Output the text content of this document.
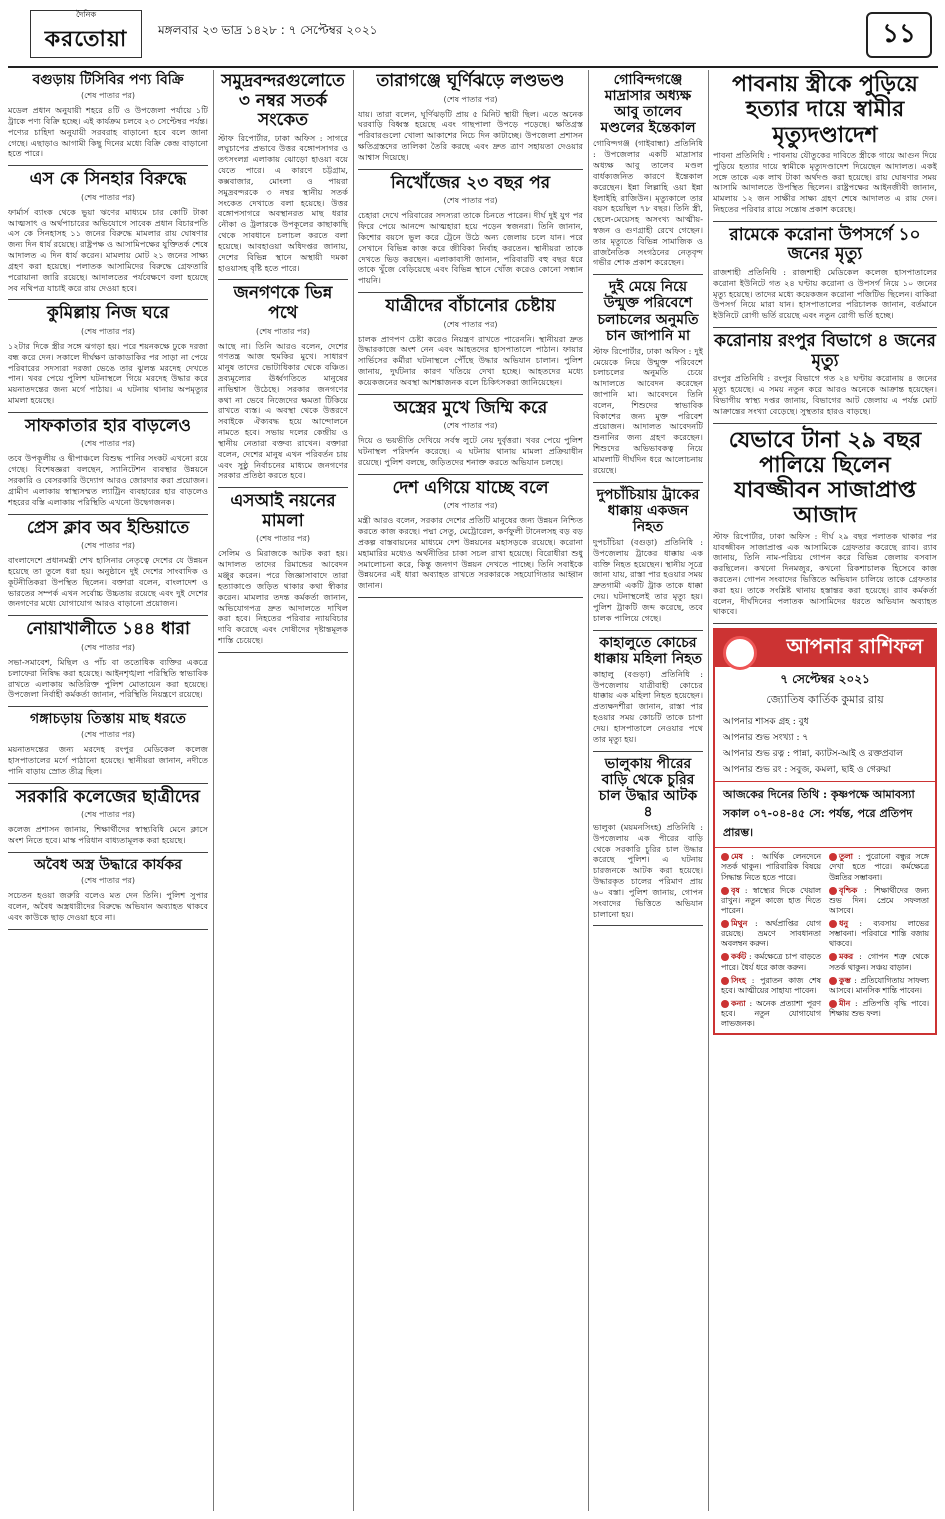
দৈনিক
করতোয়া	মঙ্গলবার ২৩ ভাদ্র ১৪২৮ : ৭ সেপ্টেম্বর ২০২১	১১
বগুড়ায় টিসিবির পণ্য বিক্রি
(শেষ পাতার পর)
মডেল প্রধান অনুযায়ী শহরে ৪টি ও উপজেলা পর্যায়ে ১টি ট্রাকে পণ্য বিক্রি হচ্ছে। এই কার্যক্রম চলবে ২৩ সেপ্টেম্বর পর্যন্ত। পণ্যের চাহিদা অনুযায়ী সরবরাহ বাড়ানো হবে বলে জানা গেছে। এছাড়াও আগামী কিছু দিনের মধ্যে বিক্রি কেন্দ্র বাড়ানো হতে পারে।
এস কে সিনহার বিরুদ্ধে
(শেষ পাতার পর)
ফার্মার্স ব্যাংক থেকে ভুয়া ঋণের মাধ্যমে চার কোটি টাকা আত্মসাৎ ও অর্থপাচারের অভিযোগে সাবেক প্রধান বিচারপতি এস কে সিনহাসহ ১১ জনের বিরুদ্ধে মামলার রায় ঘোষণার জন্য দিন ধার্য রয়েছে। রাষ্ট্রপক্ষ ও আসামিপক্ষের যুক্তিতর্ক শেষে আদালত এ দিন ধার্য করেন। মামলায় মোট ২১ জনের সাক্ষ্য গ্রহণ করা হয়েছে। পলাতক আসামিদের বিরুদ্ধে গ্রেফতারি পরোয়ানা জারি রয়েছে। আদালতের পর্যবেক্ষণে বলা হয়েছে সব নথিপত্র যাচাই করে রায় দেওয়া হবে।
কুমিল্লায় নিজ ঘরে
(শেষ পাতার পর)
১২টার দিকে স্ত্রীর সঙ্গে ঝগড়া হয়। পরে শয়নকক্ষে ঢুকে দরজা বন্ধ করে দেন। সকালে দীর্ঘক্ষণ ডাকাডাকির পর সাড়া না পেয়ে পরিবারের সদস্যরা দরজা ভেঙে তার ঝুলন্ত মরদেহ দেখতে পান। খবর পেয়ে পুলিশ ঘটনাস্থলে গিয়ে মরদেহ উদ্ধার করে ময়নাতদন্তের জন্য মর্গে পাঠায়। এ ঘটনায় থানায় অপমৃত্যুর মামলা হয়েছে।
সাফকাতার হার বাড়লেও
(শেষ পাতার পর)
তবে উপকূলীয় ও দ্বীপাঞ্চলে বিশুদ্ধ পানির সংকট এখনো রয়ে গেছে। বিশেষজ্ঞরা বলছেন, স্যানিটেশন ব্যবস্থার উন্নয়নে সরকারি ও বেসরকারি উদ্যোগ আরও জোরদার করা প্রয়োজন। গ্রামীণ এলাকায় স্বাস্থ্যসম্মত ল্যাট্রিন ব্যবহারের হার বাড়লেও শহরের বস্তি এলাকায় পরিস্থিতি এখনো উদ্বেগজনক।
প্রেস ক্লাব অব ইন্ডিয়াতে
(শেষ পাতার পর)
বাংলাদেশে প্রধানমন্ত্রী শেখ হাসিনার নেতৃত্বে দেশের যে উন্নয়ন হয়েছে তা তুলে ধরা হয়। অনুষ্ঠানে দুই দেশের সাংবাদিক ও কূটনীতিকরা উপস্থিত ছিলেন। বক্তারা বলেন, বাংলাদেশ ও ভারতের সম্পর্ক এখন সর্বোচ্চ উচ্চতায় রয়েছে এবং দুই দেশের জনগণের মধ্যে যোগাযোগ আরও বাড়ানো প্রয়োজন।
নোয়াখালীতে ১৪৪ ধারা
(শেষ পাতার পর)
সভা-সমাবেশ, মিছিল ও পাঁচ বা ততোধিক ব্যক্তির একত্রে চলাফেরা নিষিদ্ধ করা হয়েছে। আইনশৃঙ্খলা পরিস্থিতি স্বাভাবিক রাখতে এলাকায় অতিরিক্ত পুলিশ মোতায়েন করা হয়েছে। উপজেলা নির্বাহী কর্মকর্তা জানান, পরিস্থিতি নিয়ন্ত্রণে রয়েছে।
গঙ্গাচড়ায় তিস্তায় মাছ ধরতে
(শেষ পাতার পর)
ময়নাতদন্তের জন্য মরদেহ রংপুর মেডিকেল কলেজ হাসপাতালের মর্গে পাঠানো হয়েছে। স্থানীয়রা জানান, নদীতে পানি বাড়ায় স্রোত তীব্র ছিল।
সরকারি কলেজের ছাত্রীদের
(শেষ পাতার পর)
কলেজ প্রশাসন জানায়, শিক্ষার্থীদের স্বাস্থ্যবিধি মেনে ক্লাসে অংশ নিতে হবে। মাস্ক পরিধান বাধ্যতামূলক করা হয়েছে।
অবৈধ অস্ত্র উদ্ধারে কার্যকর
(শেষ পাতার পর)
সচেতন হওয়া জরুরি বলেও মত দেন তিনি। পুলিশ সুপার বলেন, অবৈধ অস্ত্রধারীদের বিরুদ্ধে অভিযান অব্যাহত থাকবে এবং কাউকে ছাড় দেওয়া হবে না।
সমুদ্রবন্দরগুলোতে ৩ নম্বর সতর্ক সংকেত
স্টাফ রিপোর্টার, ঢাকা অফিস : সাগরে লঘুচাপের প্রভাবে উত্তর বঙ্গোপসাগর ও তৎসংলগ্ন এলাকায় ঝোড়ো হাওয়া বয়ে যেতে পারে। এ কারণে চট্টগ্রাম, কক্সবাজার, মোংলা ও পায়রা সমুদ্রবন্দরকে ৩ নম্বর স্থানীয় সতর্ক সংকেত দেখাতে বলা হয়েছে। উত্তর বঙ্গোপসাগরে অবস্থানরত মাছ ধরার নৌকা ও ট্রলারকে উপকূলের কাছাকাছি থেকে সাবধানে চলাচল করতে বলা হয়েছে। আবহাওয়া অধিদপ্তর জানায়, দেশের বিভিন্ন স্থানে অস্থায়ী দমকা হাওয়াসহ বৃষ্টি হতে পারে।
জনগণকে ভিন্ন পথে
(শেষ পাতার পর)
আছে না। তিনি আরও বলেন, দেশের গণতন্ত্র আজ হুমকির মুখে। সাধারণ মানুষ তাদের ভোটাধিকার থেকে বঞ্চিত। দ্রব্যমূল্যের ঊর্ধ্বগতিতে মানুষের নাভিশ্বাস উঠেছে। সরকার জনগণের কথা না ভেবে নিজেদের ক্ষমতা টিকিয়ে রাখতে ব্যস্ত। এ অবস্থা থেকে উত্তরণে সবাইকে ঐক্যবদ্ধ হয়ে আন্দোলনে নামতে হবে। সভায় দলের কেন্দ্রীয় ও স্থানীয় নেতারা বক্তব্য রাখেন। বক্তারা বলেন, দেশের মানুষ এখন পরিবর্তন চায় এবং সুষ্ঠু নির্বাচনের মাধ্যমে জনগণের সরকার প্রতিষ্ঠা করতে হবে।
এসআই নয়নের মামলা
(শেষ পাতার পর)
সেলিম ও মিরাজকে আটক করা হয়। আদালত তাদের রিমান্ডের আবেদন মঞ্জুর করেন। পরে জিজ্ঞাসাবাদে তারা হত্যাকাণ্ডে জড়িত থাকার কথা স্বীকার করেন। মামলার তদন্ত কর্মকর্তা জানান, অভিযোগপত্র দ্রুত আদালতে দাখিল করা হবে। নিহতের পরিবার ন্যায়বিচার দাবি করেছে এবং দোষীদের দৃষ্টান্তমূলক শাস্তি চেয়েছে।
তারাগঞ্জে ঘূর্ণিঝড়ে লণ্ডভণ্ড
(শেষ পাতার পর)
যায়। তারা বলেন, ঘূর্ণিঝড়টি প্রায় ৫ মিনিট স্থায়ী ছিল। এতে অনেক ঘরবাড়ি বিধ্বস্ত হয়েছে এবং গাছপালা উপড়ে পড়েছে। ক্ষতিগ্রস্ত পরিবারগুলো খোলা আকাশের নিচে দিন কাটাচ্ছে। উপজেলা প্রশাসন ক্ষতিগ্রস্তদের তালিকা তৈরি করছে এবং দ্রুত ত্রাণ সহায়তা দেওয়ার আশ্বাস দিয়েছে।
নিখোঁজের ২৩ বছর পর
(শেষ পাতার পর)
চেহারা দেখে পরিবারের সদস্যরা তাকে চিনতে পারেন। দীর্ঘ দুই যুগ পর ফিরে পেয়ে আনন্দে আত্মহারা হয়ে পড়েন স্বজনরা। তিনি জানান, কিশোর বয়সে ভুল করে ট্রেনে উঠে অন্য জেলায় চলে যান। পরে সেখানে বিভিন্ন কাজ করে জীবিকা নির্বাহ করতেন। স্থানীয়রা তাকে দেখতে ভিড় করছেন। এলাকাবাসী জানান, পরিবারটি বহু বছর ধরে তাকে খুঁজে বেড়িয়েছে এবং বিভিন্ন স্থানে খোঁজ করেও কোনো সন্ধান পায়নি।
যাত্রীদের বাঁচানোর চেষ্টায়
(শেষ পাতার পর)
চালক প্রাণপণ চেষ্টা করেও নিয়ন্ত্রণ রাখতে পারেননি। স্থানীয়রা দ্রুত উদ্ধারকাজে অংশ নেন এবং আহতদের হাসপাতালে পাঠান। ফায়ার সার্ভিসের কর্মীরা ঘটনাস্থলে পৌঁছে উদ্ধার অভিযান চালান। পুলিশ জানায়, দুর্ঘটনার কারণ খতিয়ে দেখা হচ্ছে। আহতদের মধ্যে কয়েকজনের অবস্থা আশঙ্কাজনক বলে চিকিৎসকরা জানিয়েছেন।
অস্ত্রের মুখে জিম্মি করে
(শেষ পাতার পর)
দিয়ে ও ভয়ভীতি দেখিয়ে সর্বস্ব লুটে নেয় দুর্বৃত্তরা। খবর পেয়ে পুলিশ ঘটনাস্থল পরিদর্শন করেছে। এ ঘটনায় থানায় মামলা প্রক্রিয়াধীন রয়েছে। পুলিশ বলছে, জড়িতদের শনাক্ত করতে অভিযান চলছে।
দেশ এগিয়ে যাচ্ছে বলে
(শেষ পাতার পর)
মন্ত্রী আরও বলেন, সরকার দেশের প্রতিটি মানুষের জন্য উন্নয়ন নিশ্চিত করতে কাজ করছে। পদ্মা সেতু, মেট্রোরেল, কর্ণফুলী টানেলসহ বড় বড় প্রকল্প বাস্তবায়নের মাধ্যমে দেশ উন্নয়নের মহাসড়কে রয়েছে। করোনা মহামারির মধ্যেও অর্থনীতির চাকা সচল রাখা হয়েছে। বিরোধীরা শুধু সমালোচনা করে, কিন্তু জনগণ উন্নয়ন দেখতে পাচ্ছে। তিনি সবাইকে উন্নয়নের এই ধারা অব্যাহত রাখতে সরকারকে সহযোগিতার আহ্বান জানান।
গোবিন্দগঞ্জে মাদ্রাসার অধ্যক্ষ আবু তালেব মণ্ডলের ইন্তেকাল
গোবিন্দগঞ্জ (গাইবান্ধা) প্রতিনিধি : উপজেলার একটি মাদ্রাসার অধ্যক্ষ আবু তালেব মণ্ডল বার্ধক্যজনিত কারণে ইন্তেকাল করেছেন। ইন্না লিল্লাহি ওয়া ইন্না ইলাইহি রাজিউন। মৃত্যুকালে তার বয়স হয়েছিল ৭৮ বছর। তিনি স্ত্রী, ছেলে-মেয়েসহ অসংখ্য আত্মীয়-স্বজন ও গুণগ্রাহী রেখে গেছেন। তার মৃত্যুতে বিভিন্ন সামাজিক ও রাজনৈতিক সংগঠনের নেতৃবৃন্দ গভীর শোক প্রকাশ করেছেন।
দুই মেয়ে নিয়ে উন্মুক্ত পরিবেশে চলাচলের অনুমতি চান জাপানি মা
স্টাফ রিপোর্টার, ঢাকা অফিস : দুই মেয়েকে নিয়ে উন্মুক্ত পরিবেশে চলাচলের অনুমতি চেয়ে আদালতে আবেদন করেছেন জাপানি মা। আবেদনে তিনি বলেন, শিশুদের স্বাভাবিক বিকাশের জন্য মুক্ত পরিবেশ প্রয়োজন। আদালত আবেদনটি শুনানির জন্য গ্রহণ করেছেন। শিশুদের অভিভাবকত্ব নিয়ে মামলাটি দীর্ঘদিন ধরে আলোচনায় রয়েছে।
দুপচাঁচিয়ায় ট্রাকের ধাক্কায় একজন নিহত
দুপচাঁচিয়া (বগুড়া) প্রতিনিধি : উপজেলায় ট্রাকের ধাক্কায় এক ব্যক্তি নিহত হয়েছেন। স্থানীয় সূত্রে জানা যায়, রাস্তা পার হওয়ার সময় দ্রুতগামী একটি ট্রাক তাকে ধাক্কা দেয়। ঘটনাস্থলেই তার মৃত্যু হয়। পুলিশ ট্রাকটি জব্দ করেছে, তবে চালক পালিয়ে গেছে।
কাহালুতে কোচের ধাক্কায় মহিলা নিহত
কাহালু (বগুড়া) প্রতিনিধি : উপজেলায় যাত্রীবাহী কোচের ধাক্কায় এক মহিলা নিহত হয়েছেন। প্রত্যক্ষদর্শীরা জানান, রাস্তা পার হওয়ার সময় কোচটি তাকে চাপা দেয়। হাসপাতালে নেওয়ার পথে তার মৃত্যু হয়।
ভালুকায় পীরের বাড়ি থেকে চুরির চাল উদ্ধার আটক ৪
ভালুকা (ময়মনসিংহ) প্রতিনিধি : উপজেলায় এক পীরের বাড়ি থেকে সরকারি চুরির চাল উদ্ধার করেছে পুলিশ। এ ঘটনায় চারজনকে আটক করা হয়েছে। উদ্ধারকৃত চালের পরিমাণ প্রায় ৬০ বস্তা। পুলিশ জানায়, গোপন সংবাদের ভিত্তিতে অভিযান চালানো হয়।
পাবনায় স্ত্রীকে পুড়িয়ে হত্যার দায়ে স্বামীর মৃত্যুদণ্ডাদেশ
পাবনা প্রতিনিধি : পাবনায় যৌতুকের দাবিতে স্ত্রীকে গায়ে আগুন দিয়ে পুড়িয়ে হত্যার দায়ে স্বামীকে মৃত্যুদণ্ডাদেশ দিয়েছেন আদালত। একই সঙ্গে তাকে এক লাখ টাকা অর্থদণ্ড করা হয়েছে। রায় ঘোষণার সময় আসামি আদালতে উপস্থিত ছিলেন। রাষ্ট্রপক্ষের আইনজীবী জানান, মামলায় ১২ জন সাক্ষীর সাক্ষ্য গ্রহণ শেষে আদালত এ রায় দেন। নিহতের পরিবার রায়ে সন্তোষ প্রকাশ করেছে।
রামেকে করোনা উপসর্গে ১০ জনের মৃত্যু
রাজশাহী প্রতিনিধি : রাজশাহী মেডিকেল কলেজ হাসপাতালের করোনা ইউনিটে গত ২৪ ঘণ্টায় করোনা ও উপসর্গ নিয়ে ১০ জনের মৃত্যু হয়েছে। তাদের মধ্যে কয়েকজন করোনা পজিটিভ ছিলেন। বাকিরা উপসর্গ নিয়ে মারা যান। হাসপাতালের পরিচালক জানান, বর্তমানে ইউনিটে রোগী ভর্তি রয়েছে এবং নতুন রোগী ভর্তি হচ্ছে।
করোনায় রংপুর বিভাগে ৪ জনের মৃত্যু
রংপুর প্রতিনিধি : রংপুর বিভাগে গত ২৪ ঘণ্টায় করোনায় ৪ জনের মৃত্যু হয়েছে। এ সময় নতুন করে আরও অনেকে আক্রান্ত হয়েছেন। বিভাগীয় স্বাস্থ্য দপ্তর জানায়, বিভাগের আট জেলায় এ পর্যন্ত মোট আক্রান্তের সংখ্যা বেড়েছে। সুস্থতার হারও বাড়ছে।
যেভাবে টানা ২৯ বছর পালিয়ে ছিলেন যাবজ্জীবন সাজাপ্রাপ্ত আজাদ
স্টাফ রিপোর্টার, ঢাকা অফিস : দীর্ঘ ২৯ বছর পলাতক থাকার পর যাবজ্জীবন সাজাপ্রাপ্ত এক আসামিকে গ্রেফতার করেছে র‍্যাব। র‍্যাব জানায়, তিনি নাম-পরিচয় গোপন করে বিভিন্ন জেলায় বসবাস করছিলেন। কখনো দিনমজুর, কখনো রিকশাচালক হিসেবে কাজ করতেন। গোপন সংবাদের ভিত্তিতে অভিযান চালিয়ে তাকে গ্রেফতার করা হয়। তাকে সংশ্লিষ্ট থানায় হস্তান্তর করা হয়েছে। র‍্যাব কর্মকর্তা বলেন, দীর্ঘদিনের পলাতক আসামিদের ধরতে অভিযান অব্যাহত থাকবে।
আপনার রাশিফল
৭ সেপ্টেম্বর ২০২১
জ্যোতিষ কার্তিক কুমার রায়
আপনার শাসক গ্রহ : বুধ
আপনার শুভ সংখ্যা : ৭
আপনার শুভ রত্ন : পান্না, ক্যাটস-আই ও রক্তপ্রবাল
আপনার শুভ রং : সবুজ, কমলা, ছাই ও গেরুয়া
আজকের দিনের তিথি : কৃষ্ণপক্ষে আমাবস্যা সকাল ০৭-০৪-৪৫ সে: পর্যন্ত, পরে প্রতিপদ প্রারম্ভ।
মেষ : আর্থিক লেনদেনে সতর্ক থাকুন। পারিবারিক বিষয়ে সিদ্ধান্ত নিতে হতে পারে।
তুলা : পুরোনো বন্ধুর সঙ্গে দেখা হতে পারে। কর্মক্ষেত্রে উন্নতির সম্ভাবনা।
বৃষ : স্বাস্থ্যের দিকে খেয়াল রাখুন। নতুন কাজে হাত দিতে পারেন।
বৃশ্চিক : শিক্ষার্থীদের জন্য শুভ দিন। প্রেমে সফলতা আসবে।
মিথুন : অর্থপ্রাপ্তির যোগ রয়েছে। ভ্রমণে সাবধানতা অবলম্বন করুন।
ধনু : ব্যবসায় লাভের সম্ভাবনা। পরিবারে শান্তি বজায় থাকবে।
কর্কট : কর্মক্ষেত্রে চাপ বাড়তে পারে। ধৈর্য ধরে কাজ করুন।
মকর : গোপন শত্রু থেকে সতর্ক থাকুন। সঞ্চয় বাড়ান।
সিংহ : পুরাতন কাজ শেষ হবে। আত্মীয়ের সাহায্য পাবেন।
কুম্ভ : প্রতিযোগিতায় সাফল্য আসবে। মানসিক শান্তি পাবেন।
কন্যা : অনেক প্রত্যাশা পূরণ হবে। নতুন যোগাযোগ লাভজনক।
মীন : প্রতিপত্তি বৃদ্ধি পাবে। শিক্ষায় শুভ ফল।
